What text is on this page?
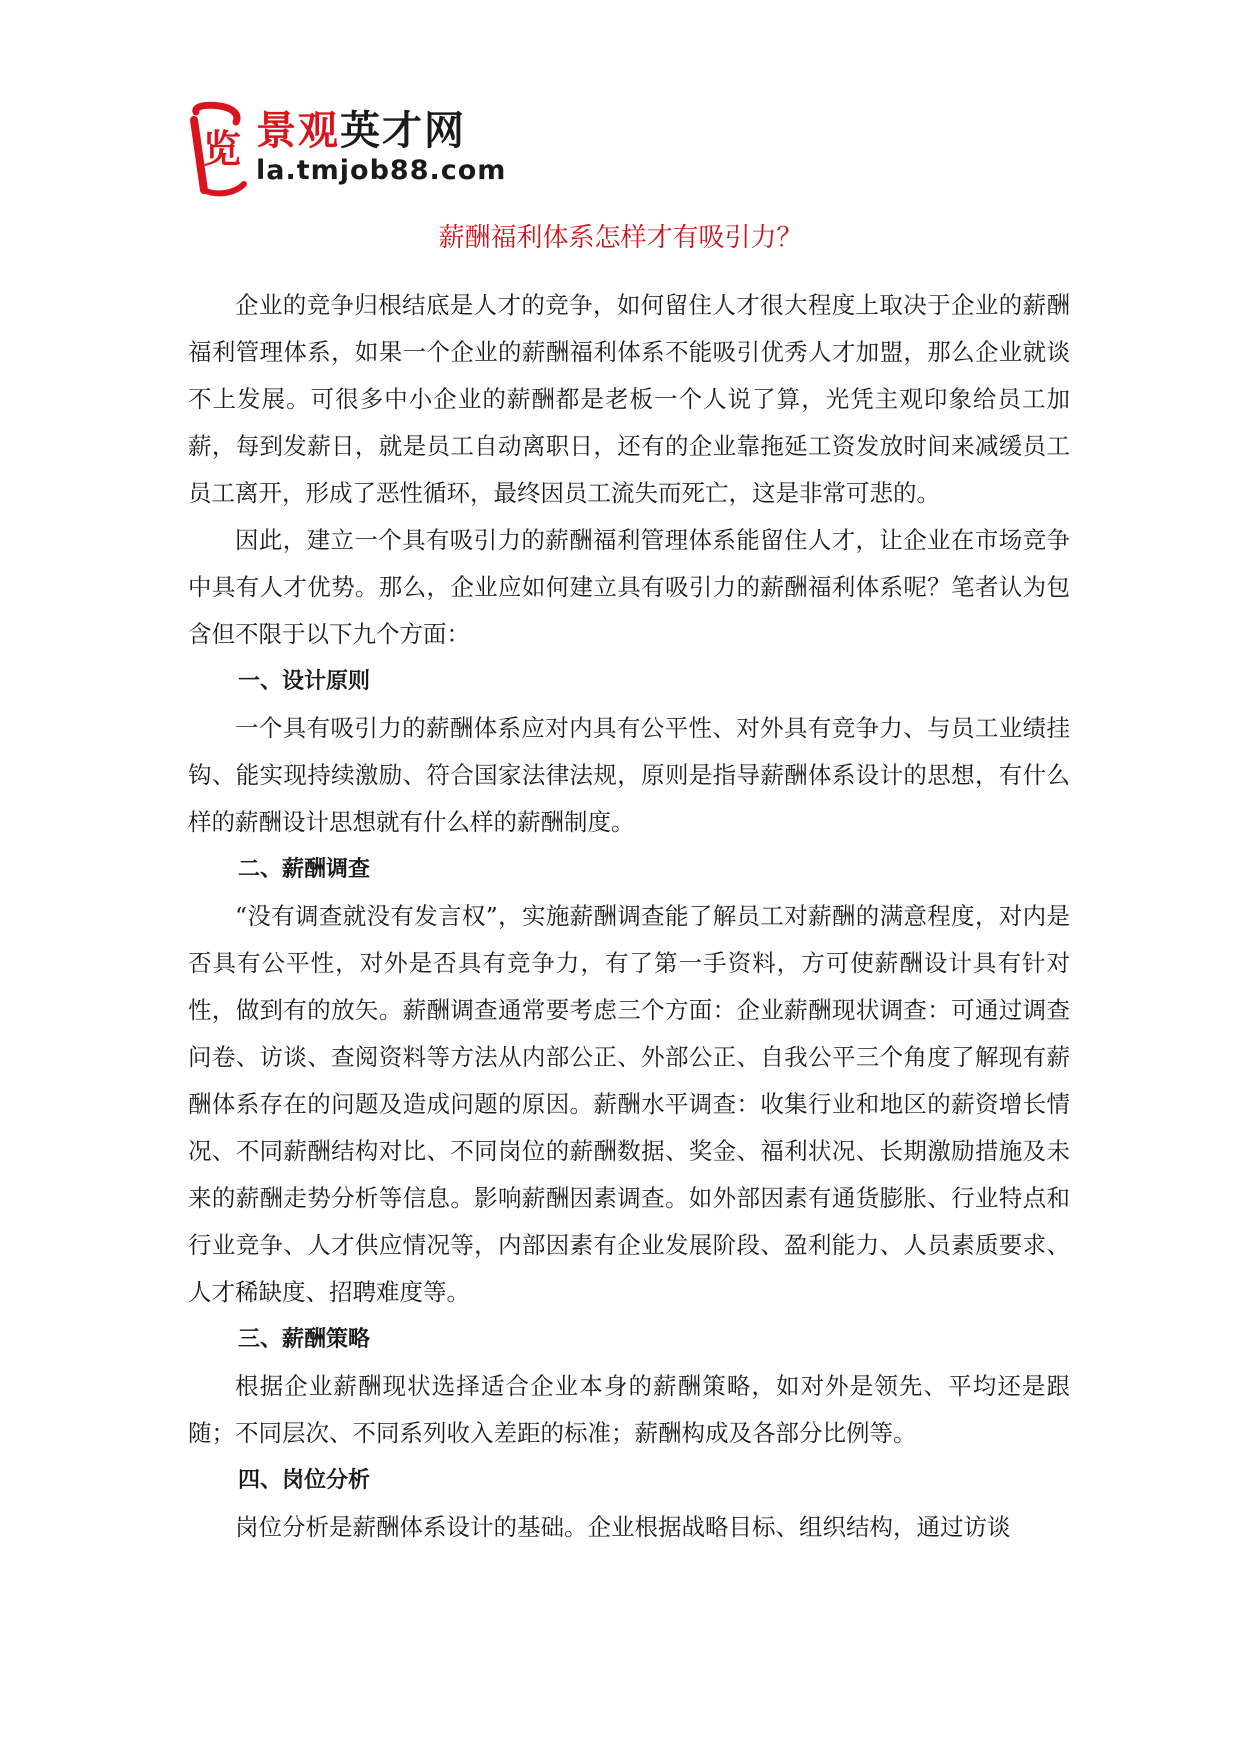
览 景观英才网
la.tmjob88.com
薪酬福利体系怎样才有吸引力？

企业的竞争归根结底是人才的竞争，如何留住人才很大程度上取决于企业的薪酬福利管理体系，如果一个企业的薪酬福利体系不能吸引优秀人才加盟，那么企业就谈不上发展。可很多中小企业的薪酬都是老板一个人说了算，光凭主观印象给员工加薪，每到发薪日，就是员工自动离职日，还有的企业靠拖延工资发放时间来减缓员工员工离开，形成了恶性循环，最终因员工流失而死亡，这是非常可悲的。

因此，建立一个具有吸引力的薪酬福利管理体系能留住人才，让企业在市场竞争中具有人才优势。那么，企业应如何建立具有吸引力的薪酬福利体系呢？笔者认为包含但不限于以下九个方面：

一、设计原则

一个具有吸引力的薪酬体系应对内具有公平性、对外具有竞争力、与员工业绩挂钩、能实现持续激励、符合国家法律法规，原则是指导薪酬体系设计的思想，有什么样的薪酬设计思想就有什么样的薪酬制度。

二、薪酬调查

“没有调查就没有发言权”，实施薪酬调查能了解员工对薪酬的满意程度，对内是否具有公平性，对外是否具有竞争力，有了第一手资料，方可使薪酬设计具有针对性，做到有的放矢。薪酬调查通常要考虑三个方面：企业薪酬现状调查：可通过调查问卷、访谈、查阅资料等方法从内部公正、外部公正、自我公平三个角度了解现有薪酬体系存在的问题及造成问题的原因。薪酬水平调查：收集行业和地区的薪资增长情况、不同薪酬结构对比、不同岗位的薪酬数据、奖金、福利状况、长期激励措施及未来的薪酬走势分析等信息。影响薪酬因素调查。如外部因素有通货膨胀、行业特点和行业竞争、人才供应情况等，内部因素有企业发展阶段、盈利能力、人员素质要求、人才稀缺度、招聘难度等。

三、薪酬策略

根据企业薪酬现状选择适合企业本身的薪酬策略，如对外是领先、平均还是跟随；不同层次、不同系列收入差距的标准；薪酬构成及各部分比例等。

四、岗位分析

岗位分析是薪酬体系设计的基础。企业根据战略目标、组织结构，通过访谈
